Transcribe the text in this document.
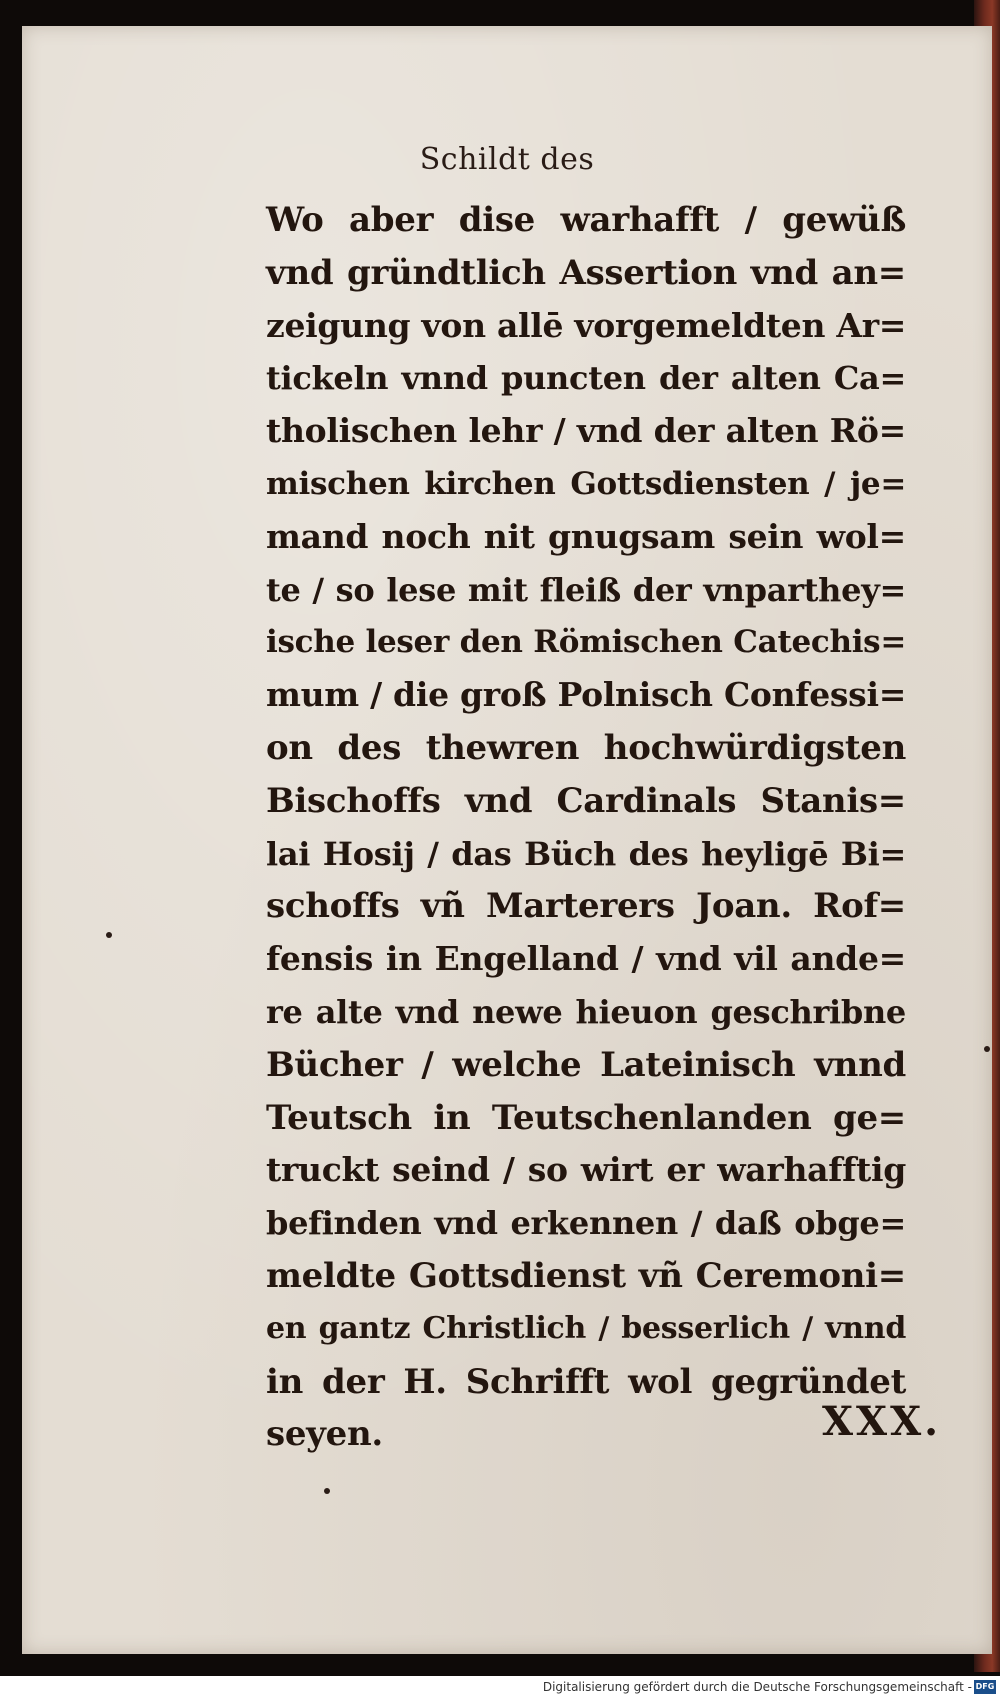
Schildt des
Wo aber dise warhafft / gewüß
vnd gründtlich Assertion vnd an=
zeigung von allē vorgemeldten Ar=
tickeln vnnd puncten der alten Ca=
tholischen lehr / vnd der alten Rö=
mischen kirchen Gottsdiensten / je=
mand noch nit gnugsam sein wol=
te / so lese mit fleiß der vnparthey=
ische leser den Römischen Catechis=
mum / die groß Polnisch Confessi=
on des thewren hochwürdigsten
Bischoffs vnd Cardinals Stanis=
lai Hosij / das Büch des heyligē Bi=
schoffs vñ Marterers Joan. Rof=
fensis in Engelland / vnd vil ande=
re alte vnd newe hieuon geschribne
Bücher / welche Lateinisch vnnd
Teutsch in Teutschenlanden ge=
truckt seind / so wirt er warhafftig
befinden vnd erkennen / daß obge=
meldte Gottsdienst vñ Ceremoni=
en gantz Christlich / besserlich / vnnd
in der H. Schrifft wol gegründet
seyen.	XXX.
Digitalisierung gefördert durch die Deutsche Forschungsgemeinschaft - DFG
